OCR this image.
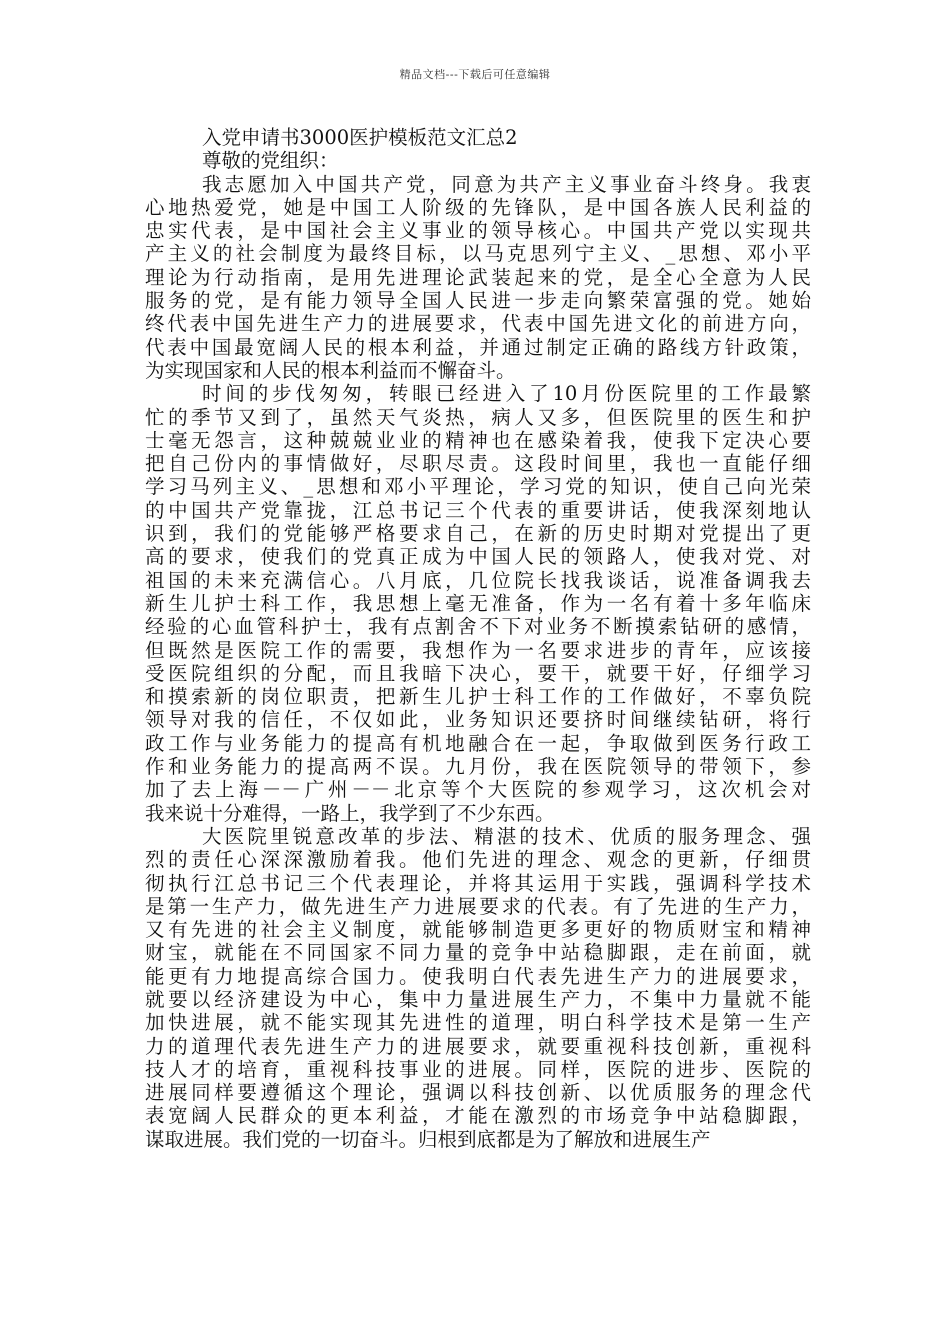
精品文档---下载后可任意编辑
入党申请书3000医护模板范文汇总2
尊敬的党组织：
我志愿加入中国共产党，同意为共产主义事业奋斗终身。我衷
心地热爱党，她是中国工人阶级的先锋队，是中国各族人民利益的
忠实代表，是中国社会主义事业的领导核心。中国共产党以实现共
产主义的社会制度为最终目标，以马克思列宁主义、_思想、邓小平
理论为行动指南，是用先进理论武装起来的党，是全心全意为人民
服务的党，是有能力领导全国人民进一步走向繁荣富强的党。她始
终代表中国先进生产力的进展要求，代表中国先进文化的前进方向，
代表中国最宽阔人民的根本利益，并通过制定正确的路线方针政策，
为实现国家和人民的根本利益而不懈奋斗。
时间的步伐匆匆，转眼已经进入了10月份医院里的工作最繁
忙的季节又到了，虽然天气炎热，病人又多，但医院里的医生和护
士毫无怨言，这种兢兢业业的精神也在感染着我，使我下定决心要
把自己份内的事情做好，尽职尽责。这段时间里，我也一直能仔细
学习马列主义、_思想和邓小平理论，学习党的知识，使自己向光荣
的中国共产党靠拢，江总书记三个代表的重要讲话，使我深刻地认
识到，我们的党能够严格要求自己，在新的历史时期对党提出了更
高的要求，使我们的党真正成为中国人民的领路人，使我对党、对
祖国的未来充满信心。八月底，几位院长找我谈话，说准备调我去
新生儿护士科工作，我思想上毫无准备，作为一名有着十多年临床
经验的心血管科护士，我有点割舍不下对业务不断摸索钻研的感情，
但既然是医院工作的需要，我想作为一名要求进步的青年，应该接
受医院组织的分配，而且我暗下决心，要干，就要干好，仔细学习
和摸索新的岗位职责，把新生儿护士科工作的工作做好，不辜负院
领导对我的信任，不仅如此，业务知识还要挤时间继续钻研，将行
政工作与业务能力的提高有机地融合在一起，争取做到医务行政工
作和业务能力的提高两不误。九月份，我在医院领导的带领下，参
加了去上海－－广州－－北京等个大医院的参观学习，这次机会对
我来说十分难得，一路上，我学到了不少东西。
大医院里锐意改革的步法、精湛的技术、优质的服务理念、强
烈的责任心深深激励着我。他们先进的理念、观念的更新，仔细贯
彻执行江总书记三个代表理论，并将其运用于实践，强调科学技术
是第一生产力，做先进生产力进展要求的代表。有了先进的生产力，
又有先进的社会主义制度，就能够制造更多更好的物质财宝和精神
财宝，就能在不同国家不同力量的竞争中站稳脚跟，走在前面，就
能更有力地提高综合国力。使我明白代表先进生产力的进展要求，
就要以经济建设为中心，集中力量进展生产力，不集中力量就不能
加快进展，就不能实现其先进性的道理，明白科学技术是第一生产
力的道理代表先进生产力的进展要求，就要重视科技创新，重视科
技人才的培育，重视科技事业的进展。同样，医院的进步、医院的
进展同样要遵循这个理论，强调以科技创新、以优质服务的理念代
表宽阔人民群众的更本利益，才能在激烈的市场竞争中站稳脚跟，
谋取进展。我们党的一切奋斗。归根到底都是为了解放和进展生产
